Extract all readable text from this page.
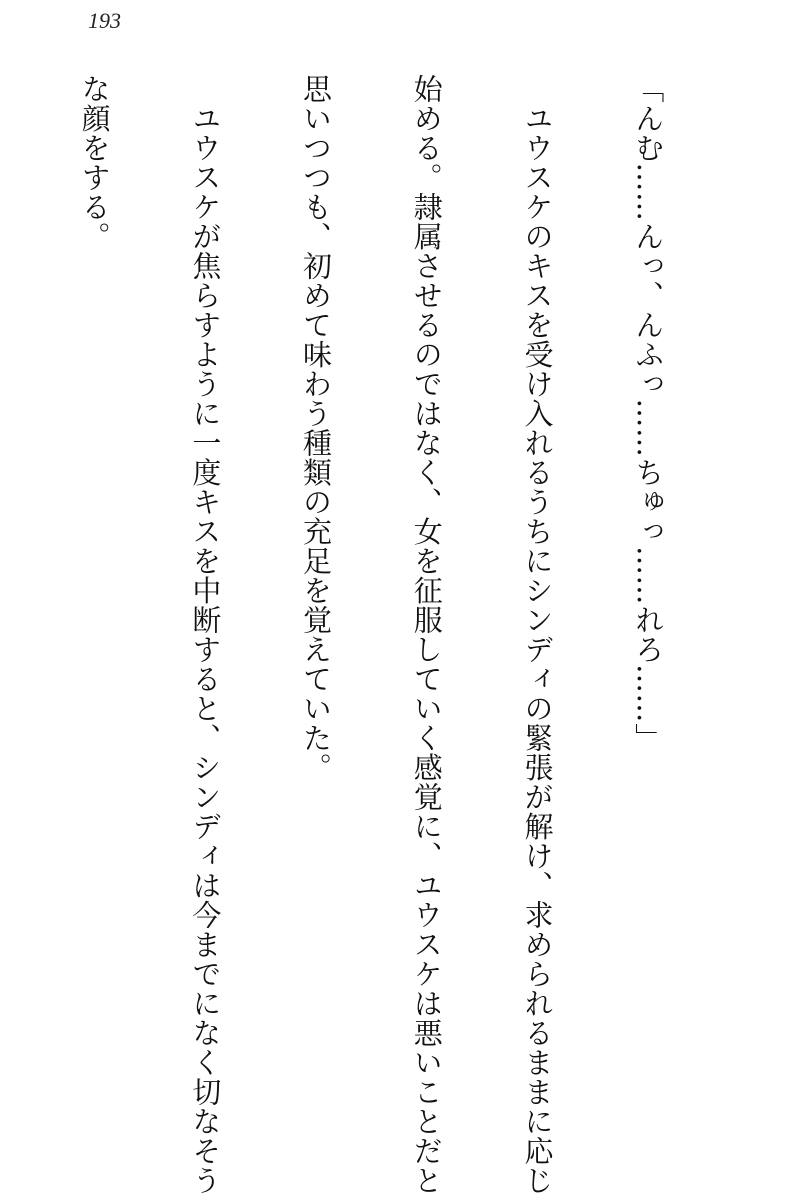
193

「んむ……んっ、んふっ……ちゅっ……れろ……」

　ユウスケのキスを受け入れるうちにシンディの緊張が解け、求められるままに応じ

始める。隷属させるのではなく、女を征服していく感覚に、ユウスケは悪いことだと

思いつつも、初めて味わう種類の充足を覚えていた。

　ユウスケが焦らすように一度キスを中断すると、シンディは今までになく切なそう

な顔をする。
